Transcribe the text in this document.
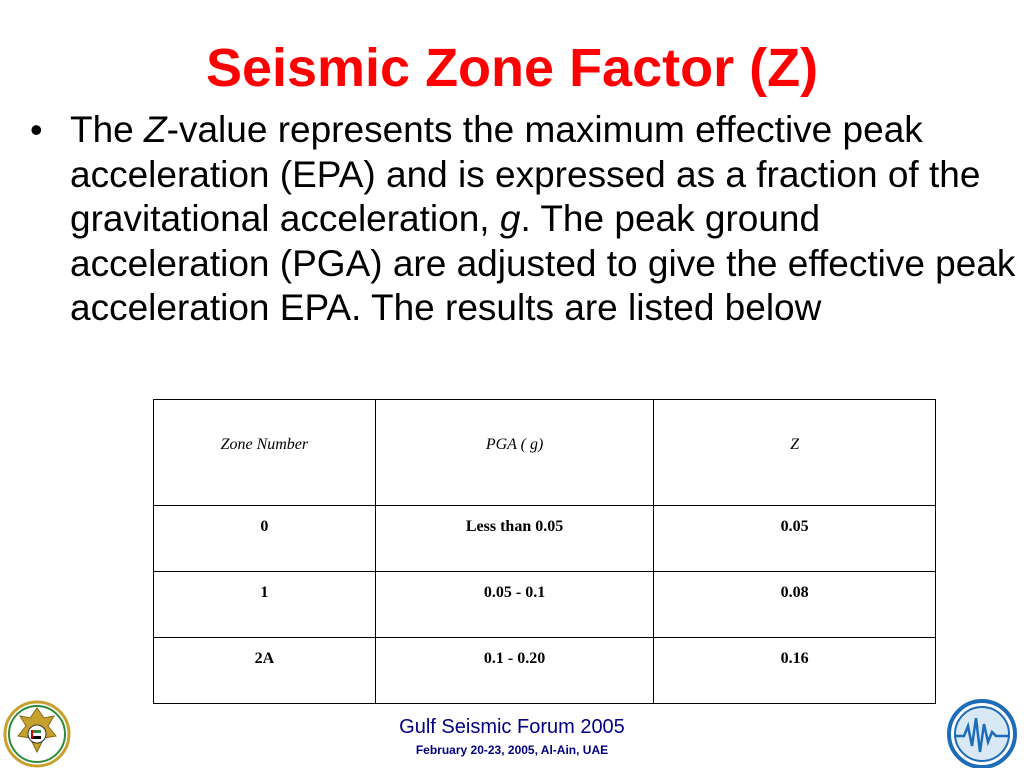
Seismic Zone Factor (Z)
• The Z-value represents the maximum effective peak acceleration (EPA) and is expressed as a fraction of the gravitational acceleration, g. The peak ground acceleration (PGA) are adjusted to give the effective peak acceleration EPA. The results are listed below
Zone Number	PGA ( g)	Z
0	Less than 0.05	0.05
1	0.05 - 0.1	0.08
2A	0.1 - 0.20	0.16
Gulf Seismic Forum 2005
February 20-23, 2005, Al-Ain, UAE
